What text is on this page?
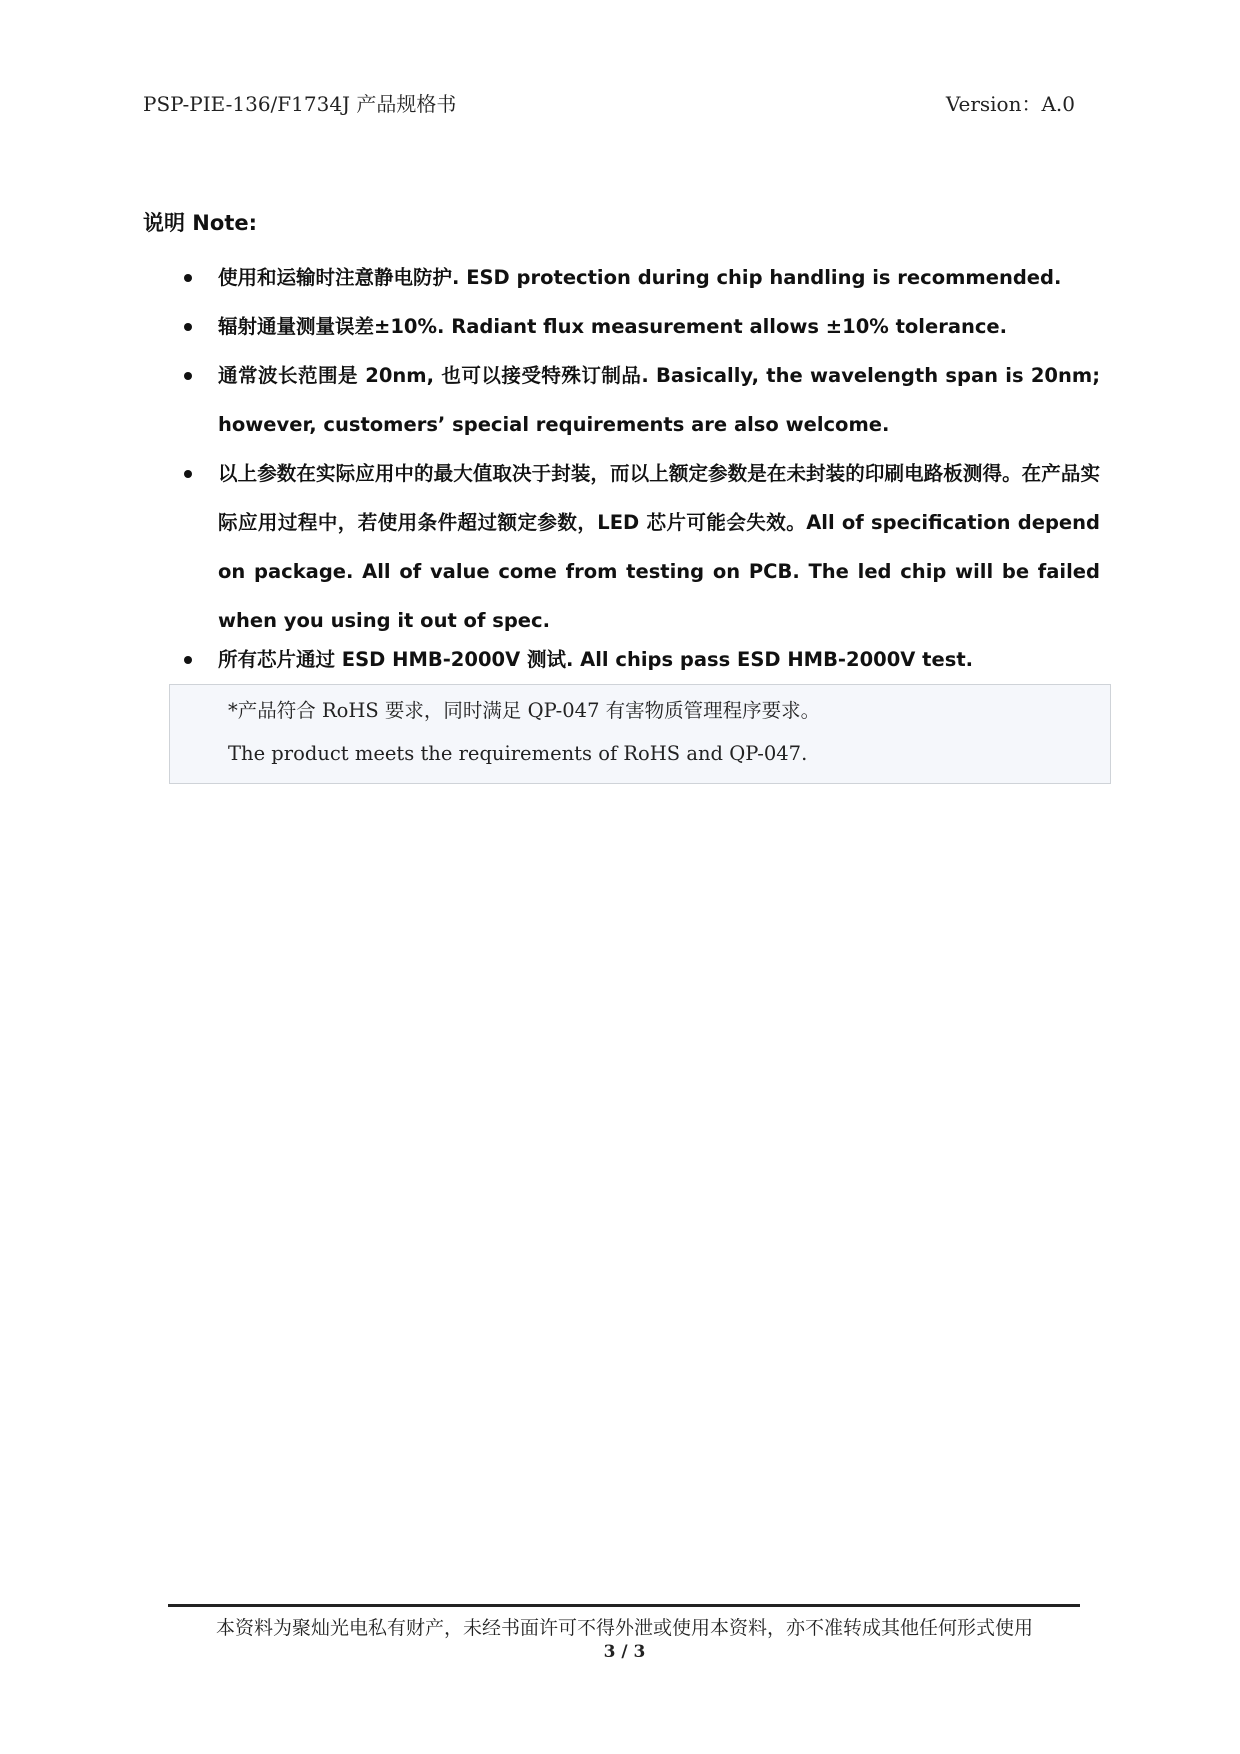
PSP-PIE-136/F1734J 产品规格书	Version：A.0
说明 Note:
使用和运输时注意静电防护. ESD protection during chip handling is recommended.
辐射通量测量误差±10%. Radiant flux measurement allows ±10% tolerance.
通常波长范围是 20nm, 也可以接受特殊订制品. Basically, the wavelength span is 20nm; however, customers’ special requirements are also welcome.
以上参数在实际应用中的最大值取决于封装，而以上额定参数是在未封装的印刷电路板测得。在产品实际应用过程中，若使用条件超过额定参数，LED 芯片可能会失效。All of specification depend on package. All of value come from testing on PCB. The led chip will be failed when you using it out of spec.
所有芯片通过 ESD HMB-2000V 测试. All chips pass ESD HMB-2000V test.
*产品符合 RoHS 要求，同时满足 QP-047 有害物质管理程序要求。
The product meets the requirements of RoHS and QP-047.
本资料为聚灿光电私有财产，未经书面许可不得外泄或使用本资料，亦不准转成其他任何形式使用
3 / 3
